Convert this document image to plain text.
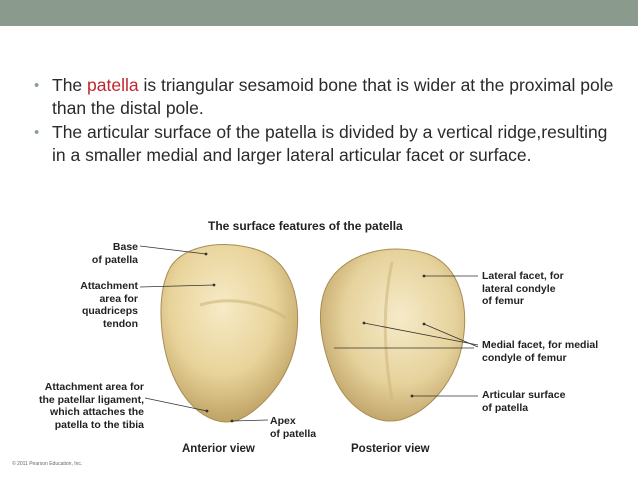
• The patella is triangular sesamoid bone that is wider at the proximal pole than the distal pole.
• The articular surface of the patella is divided by a vertical ridge,resulting in a smaller medial and larger lateral articular facet or surface.
The surface features of the patella
Base
of patella
Attachment
area for
quadriceps
tendon
Attachment area for
the patellar ligament,
which attaches the
patella to the tibia	Apex
of patella
Lateral facet, for
lateral condyle
of femur
Medial facet, for medial
condyle of femur
Articular surface
of patella
Anterior view	Posterior view
© 2011 Pearson Education, Inc.
